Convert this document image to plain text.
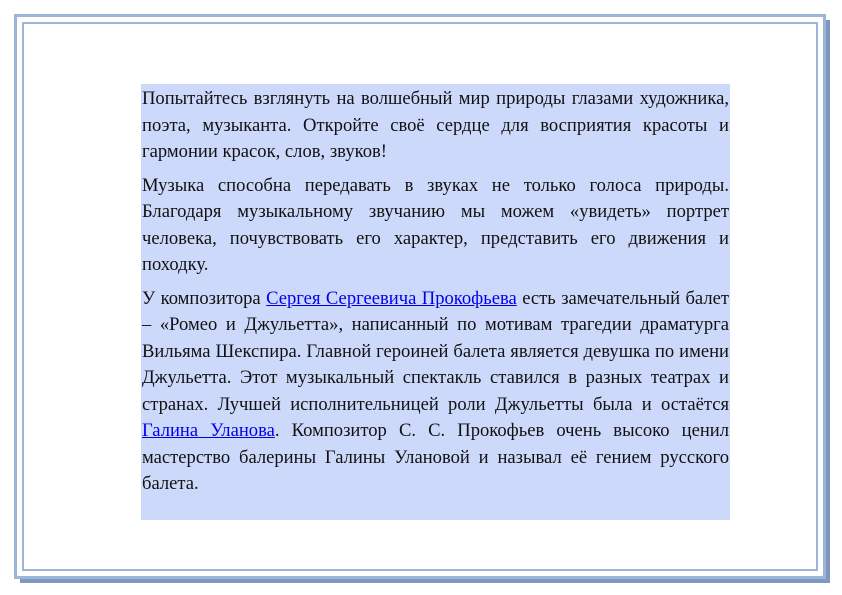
Попытайтесь взглянуть на волшебный мир природы глазами художника, поэта, музыканта. Откройте своё сердце для восприятия красоты и гармонии красок, слов, звуков!

Музыка способна передавать в звуках не только голоса природы. Благодаря музыкальному звучанию мы можем «увидеть» портрет человека, почувствовать его характер, представить его движения и походку.

У композитора Сергея Сергеевича Прокофьева есть замечательный балет – «Ромео и Джульетта», написанный по мотивам трагедии драматурга Вильяма Шекспира. Главной героиней балета является девушка по имени Джульетта. Этот музыкальный спектакль ставился в разных театрах и странах. Лучшей исполнительницей роли Джульетты была и остаётся Галина Уланова. Композитор С. С. Прокофьев очень высоко ценил мастерство балерины Галины Улановой и называл её гением русского балета.
